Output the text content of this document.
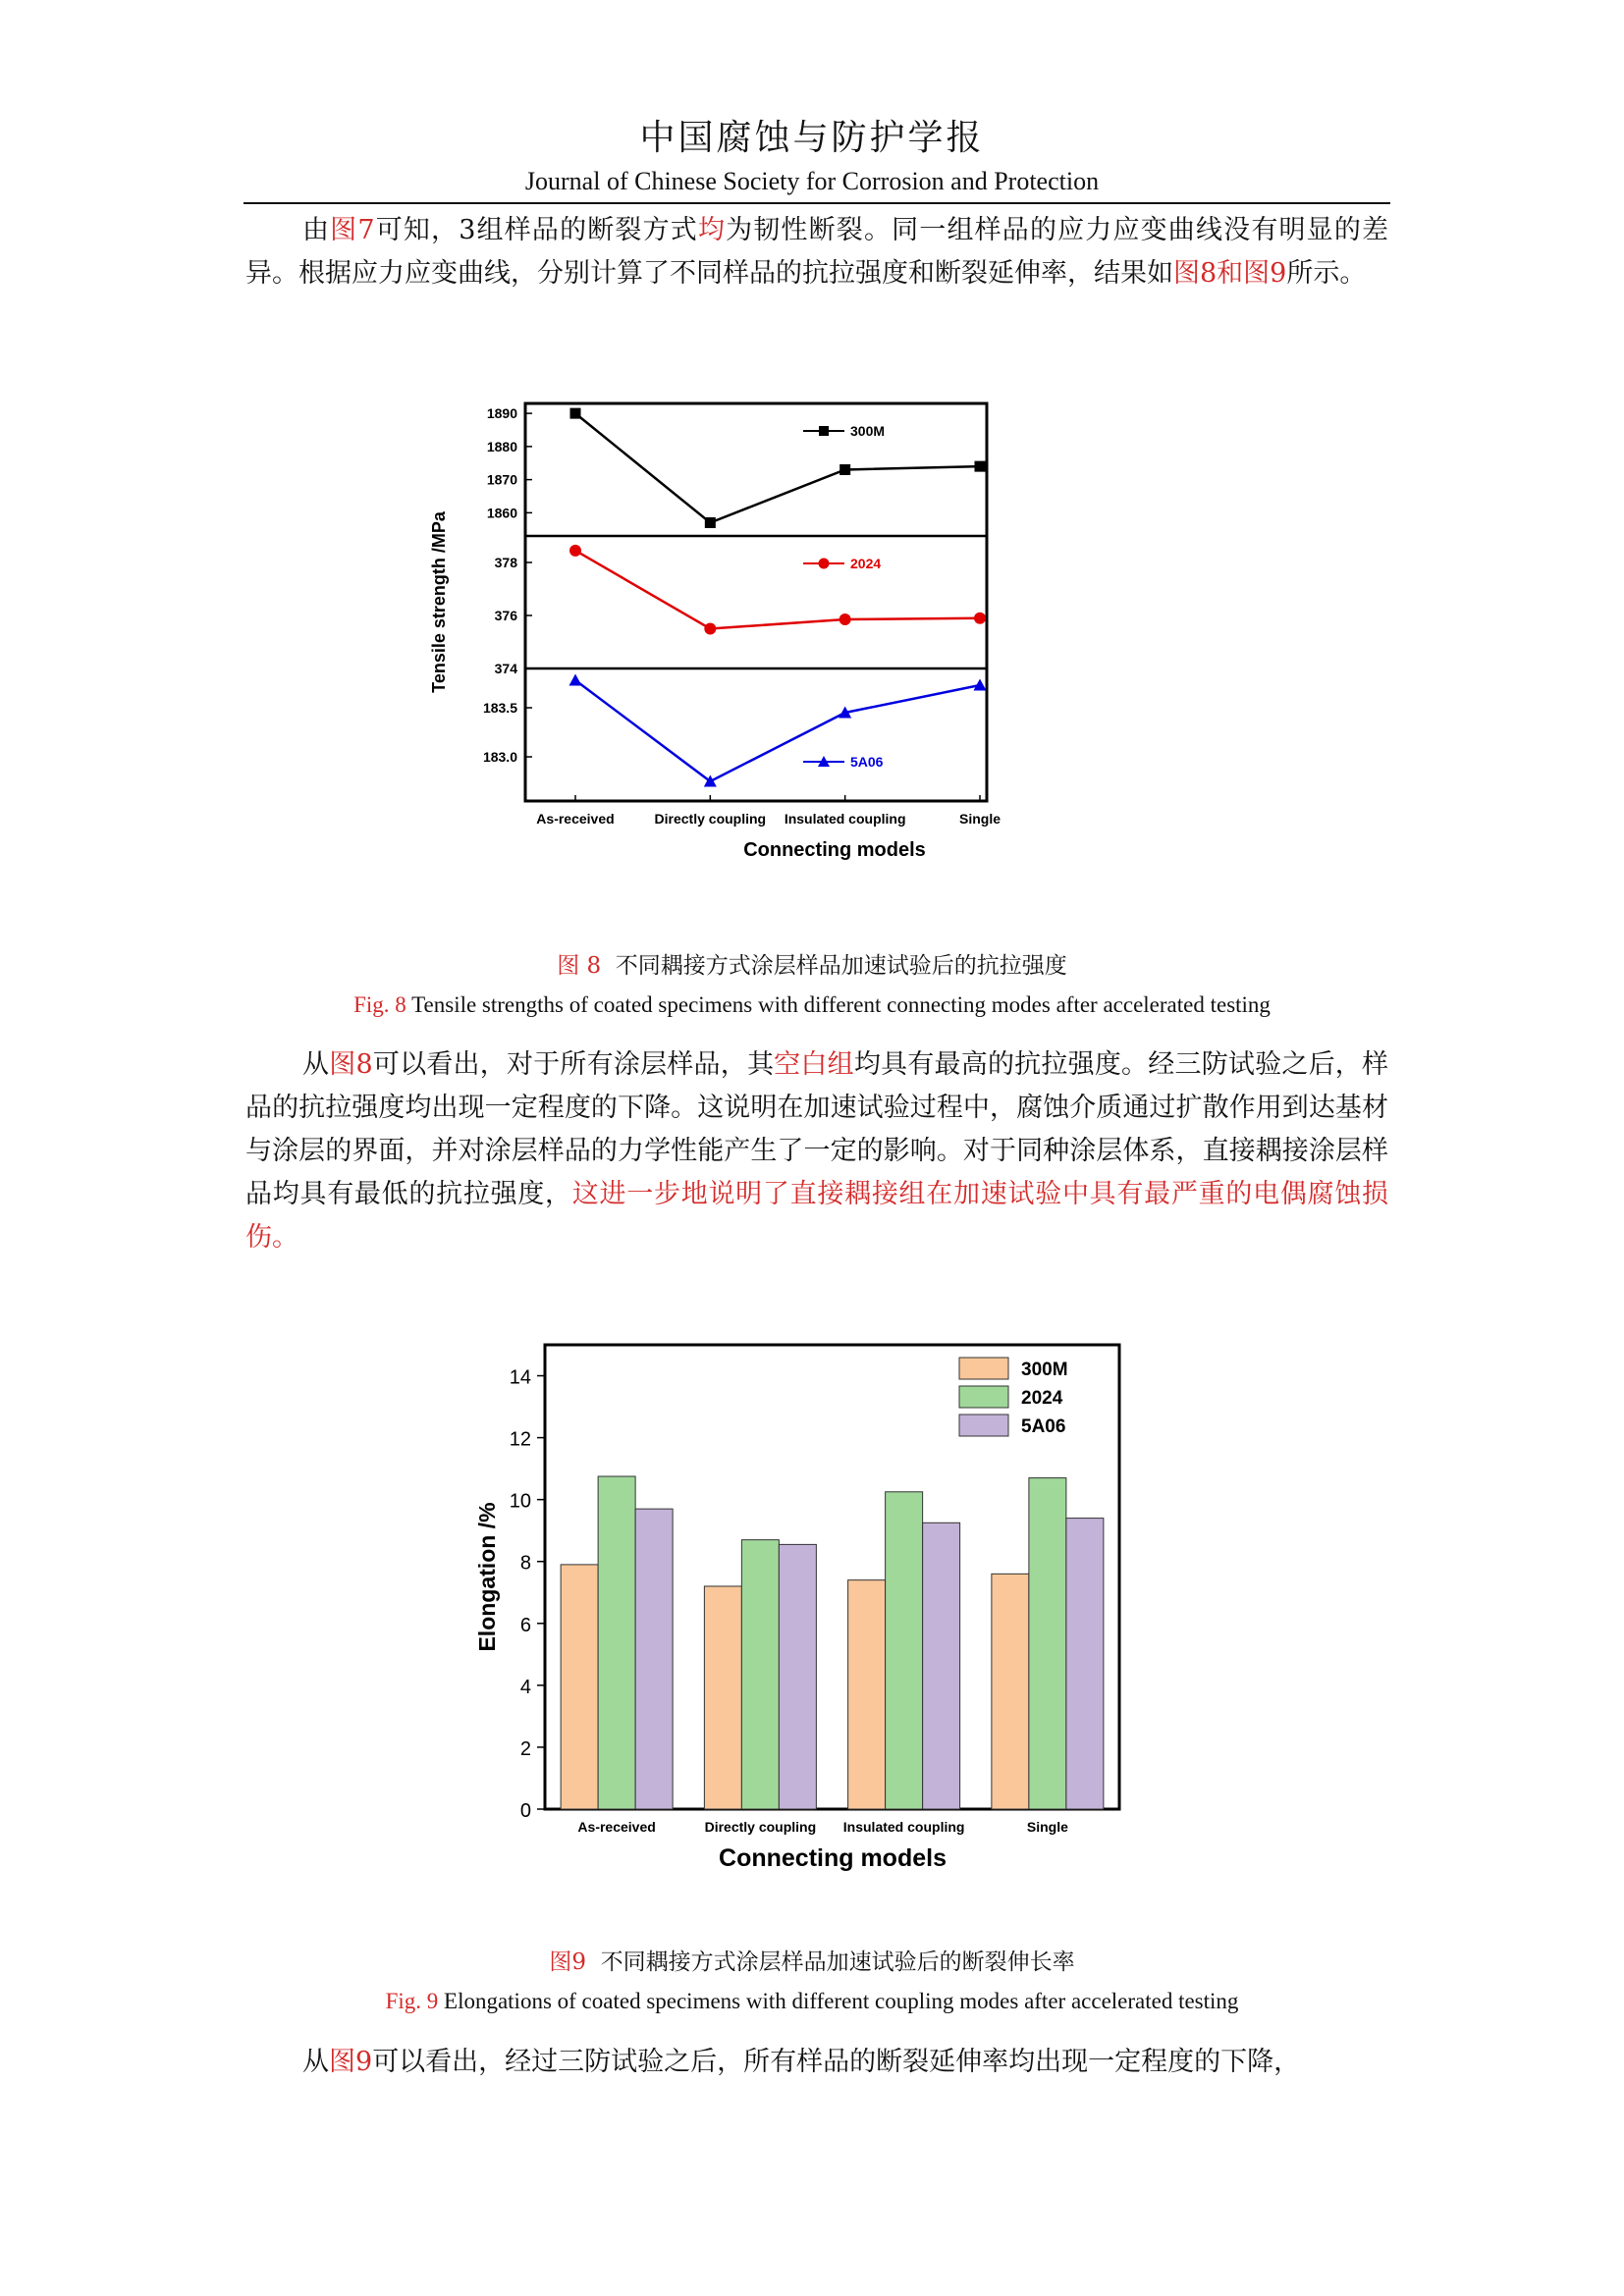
中国腐蚀与防护学报
Journal of Chinese Society for Corrosion and Protection

由图7可知，3组样品的断裂方式均为韧性断裂。同一组样品的应力应变曲线没有明显的差异。根据应力应变曲线，分别计算了不同样品的抗拉强度和断裂延伸率，结果如图8和图9所示。

1860
1870
1880
1890
300M
374
376
378	2024
183.0
183.5
5A06
As-received	Directly coupling Insulated coupling	Single
Connecting models
Tensile strength /MPa
图 8 不同耦接方式涂层样品加速试验后的抗拉强度
Fig. 8 Tensile strengths of coated specimens with different connecting modes after accelerated testing

从图8可以看出，对于所有涂层样品，其空白组均具有最高的抗拉强度。经三防试验之后，样品的抗拉强度均出现一定程度的下降。这说明在加速试验过程中，腐蚀介质通过扩散作用到达基材与涂层的界面，并对涂层样品的力学性能产生了一定的影响。对于同种涂层体系，直接耦接涂层样品均具有最低的抗拉强度，这进一步地说明了直接耦接组在加速试验中具有最严重的电偶腐蚀损伤。

0
2
4
6
8
10
12
14
As-received	Directly coupling Insulated coupling	Single
300M
2024
5A06
Connecting models
Elongation /%
图9 不同耦接方式涂层样品加速试验后的断裂伸长率
Fig. 9 Elongations of coated specimens with different coupling modes after accelerated testing

从图9可以看出，经过三防试验之后，所有样品的断裂延伸率均出现一定程度的下降，
